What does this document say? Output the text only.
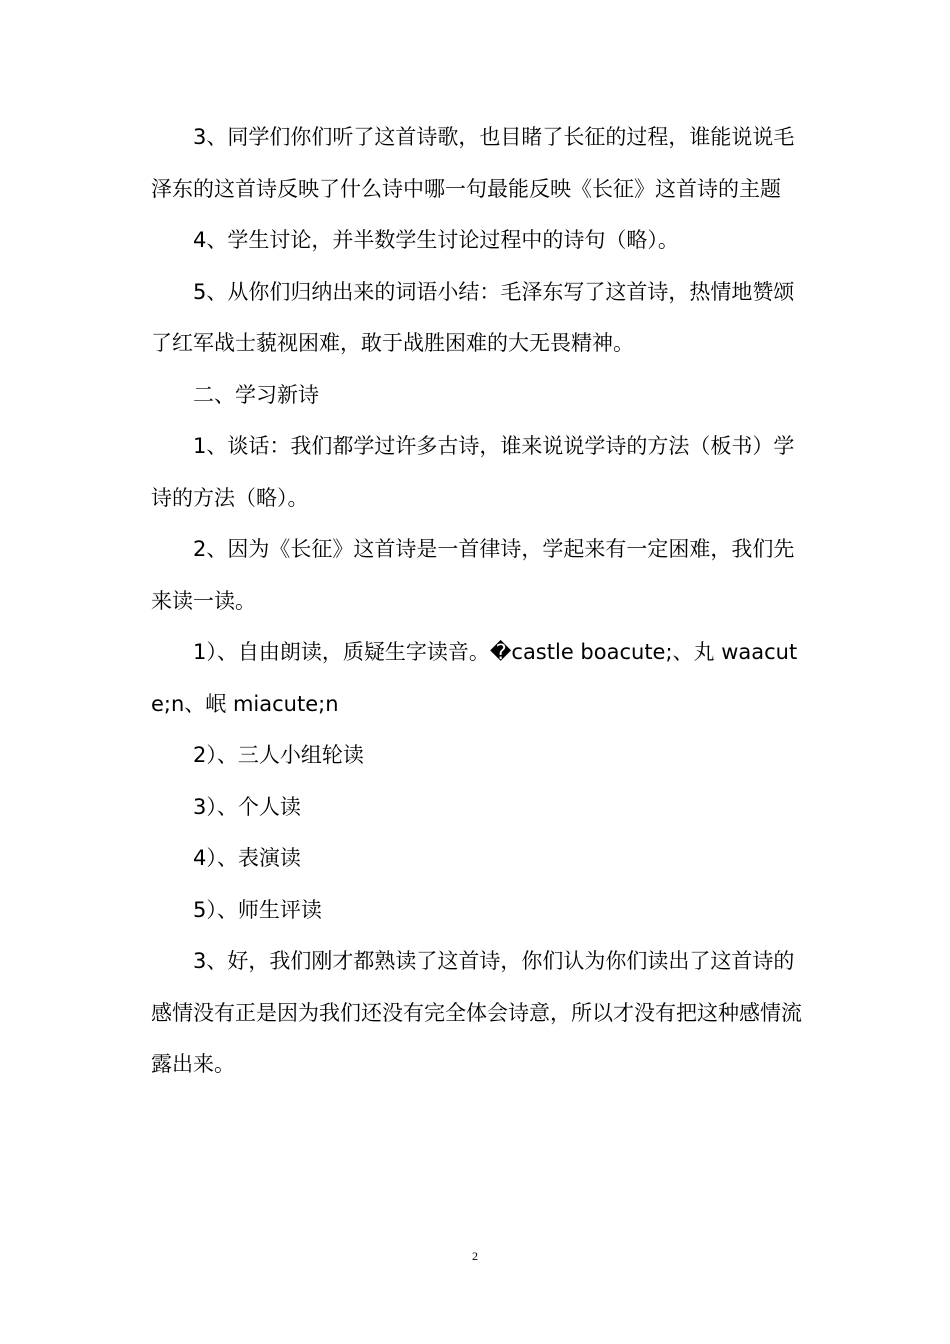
3、同学们你们听了这首诗歌，也目睹了长征的过程，谁能说说毛泽东的这首诗反映了什么诗中哪一句最能反映《长征》这首诗的主题

4、学生讨论，并半数学生讨论过程中的诗句（略）。

5、从你们归纳出来的词语小结：毛泽东写了这首诗，热情地赞颂了红军战士藐视困难，敢于战胜困难的大无畏精神。

二、学习新诗

1、谈话：我们都学过许多古诗，谁来说说学诗的方法（板书）学诗的方法（略）。

2、因为《长征》这首诗是一首律诗，学起来有一定困难，我们先来读一读。

1）、自由朗读，质疑生字读音。�castle boacute;、丸 waacute;n、岷 miacute;n

2）、三人小组轮读

3）、个人读

4）、表演读

5）、师生评读

3、好，我们刚才都熟读了这首诗，你们认为你们读出了这首诗的感情没有正是因为我们还没有完全体会诗意，所以才没有把这种感情流露出来。

2
